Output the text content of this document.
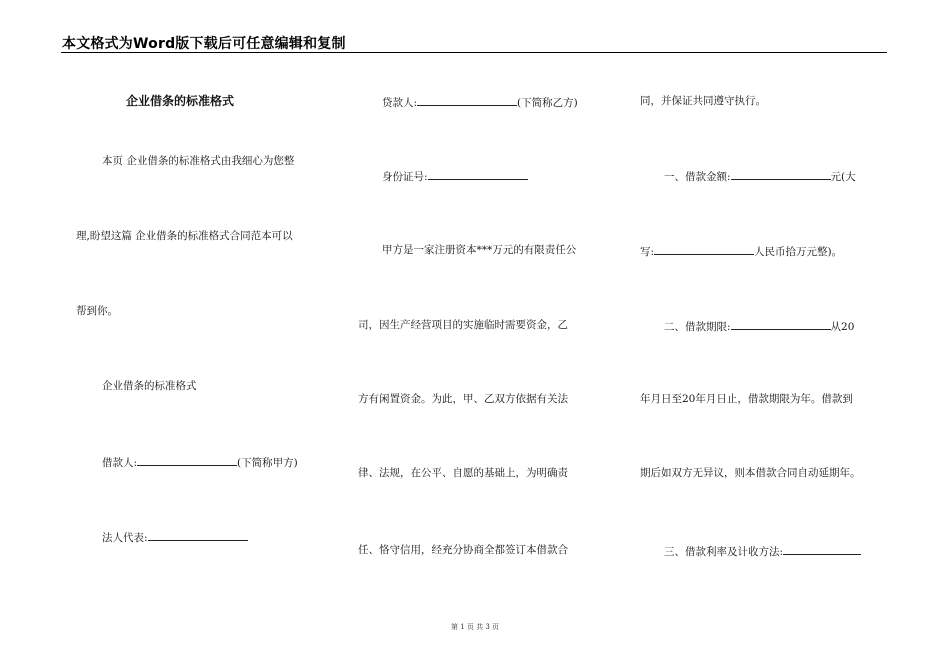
本文格式为Word版下载后可任意编辑和复制
企业借条的标准格式
本页 企业借条的标准格式由我细心为您整
理,盼望这篇 企业借条的标准格式合同范本可以
帮到你。
企业借条的标准格式
借款人:	(下简称甲方)
法人代表:
贷款人:	(下简称乙方)
身份证号:
甲方是一家注册资本***万元的有限责任公
司，因生产经营项目的实施临时需要资金，乙
方有闲置资金。为此，甲、乙双方依据有关法
律、法规，在公平、自愿的基础上，为明确责
任、恪守信用，经充分协商全都签订本借款合
同，并保证共同遵守执行。
一、借款金额:	元(大
写:	人民币拾万元整)。
二、借款期限:	从20
年月日至20年月日止，借款期限为年。借款到
期后如双方无异议，则本借款合同自动延期年。
三、借款利率及计收方法:
第 1 页 共 3 页
